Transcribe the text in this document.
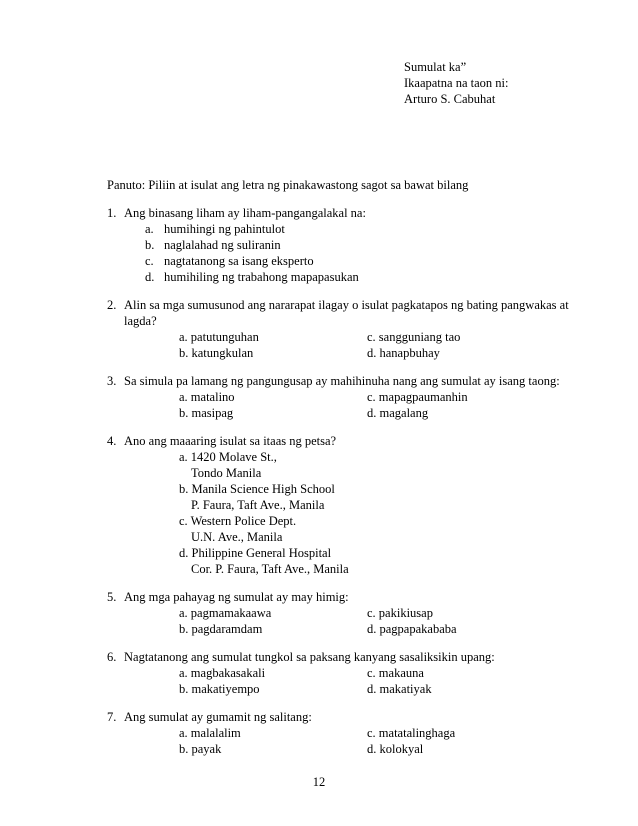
Sumulat ka”
Ikaapatna na taon ni:
Arturo S. Cabuhat
Panuto: Piliin at isulat ang letra ng pinakawastong sagot sa bawat bilang
1. Ang binasang liham ay liham-pangangalakal na:
a. humihingi ng pahintulot
b. naglalahad ng suliranin
c. nagtatanong sa isang eksperto
d. humihiling ng trabahong mapapasukan
2. Alin sa mga sumusunod ang nararapat ilagay o isulat pagkatapos ng bating pangwakas at lagda?
a. patutunguhan	c. sangguniang tao
b. katungkulan	d. hanapbuhay
3. Sa simula pa lamang ng pangungusap ay mahihinuha nang ang sumulat ay isang taong:
a. matalino	c. mapagpaumanhin
b. masipag	d. magalang
4. Ano ang maaaring isulat sa itaas ng petsa?
a. 1420 Molave St.,
Tondo Manila
b. Manila Science High School
P. Faura, Taft Ave., Manila
c. Western Police Dept.
U.N. Ave., Manila
d. Philippine General Hospital
Cor. P. Faura, Taft Ave., Manila
5. Ang mga pahayag ng sumulat ay may himig:
a. pagmamakaawa	c. pakikiusap
b. pagdaramdam	d. pagpapakababa
6. Nagtatanong ang sumulat tungkol sa paksang kanyang sasaliksikin upang:
a. magbakasakali	c. makauna
b. makatiyempo	d. makatiyak
7. Ang sumulat ay gumamit ng salitang:
a. malalalim	c. matatalinghaga
b. payak	d. kolokyal
12
